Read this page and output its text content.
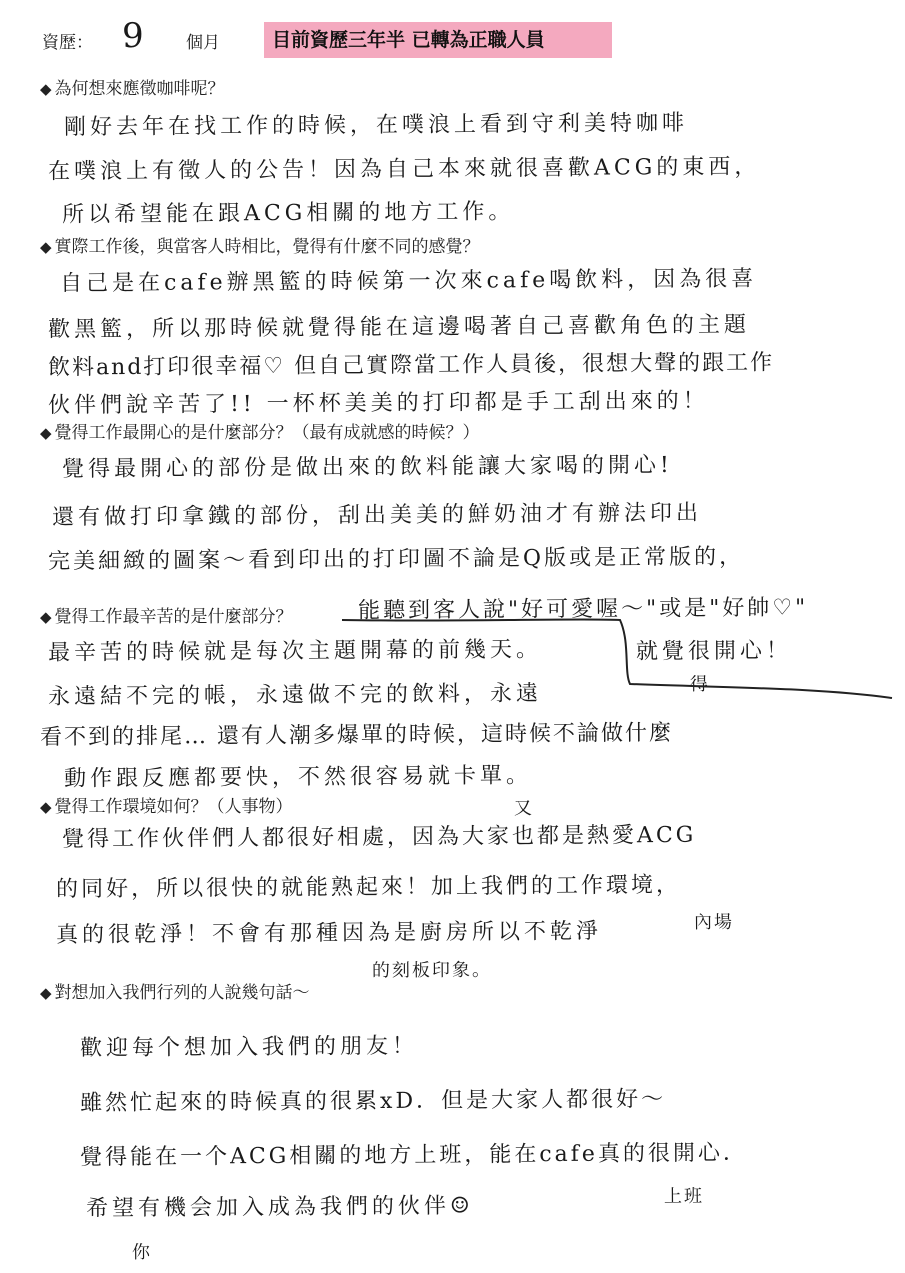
資歷： 9 個月	目前資歷三年半 已轉為正職人員
◆ 為何想來應徵咖啡呢？
剛好去年在找工作的時候，在噗浪上看到守利美特咖啡
在噗浪上有徵人的公告！因為自己本來就很喜歡ACG的東西，
所以希望能在跟ACG相關的地方工作。
◆ 實際工作後，與當客人時相比，覺得有什麼不同的感覺？
自己是在cafe辦黑籃的時候第一次來cafe喝飲料，因為很喜
歡黑籃，所以那時候就覺得能在這邊喝著自己喜歡角色的主題
飲料and打印很幸福♡ 但自己實際當工作人員後，很想大聲的跟工作
伙伴們說辛苦了!! 一杯杯美美的打印都是手工刮出來的！
◆ 覺得工作最開心的是什麼部分？（最有成就感的時候？）
覺得最開心的部份是做出來的飲料能讓大家喝的開心!
還有做打印拿鐵的部份，刮出美美的鮮奶油才有辦法印出
完美細緻的圖案～看到印出的打印圖不論是Q版或是正常版的，
能聽到客人說"好可愛喔～"或是"好帥♡"
就覺很開心！
得
◆ 覺得工作最辛苦的是什麼部分？
最辛苦的時候就是每次主題開幕的前幾天。
永遠結不完的帳，永遠做不完的飲料，永遠
看不到的排尾… 還有人潮多爆單的時候，這時候不論做什麼
動作跟反應都要快，不然很容易就卡單。
◆ 覺得工作環境如何？（人事物）	又
覺得工作伙伴們人都很好相處，因為大家也都是熱愛ACG
的同好，所以很快的就能熟起來！加上我們的工作環境，
真的很乾淨！不會有那種因為是廚房所以不乾淨	內場
的刻板印象。
◆ 對想加入我們行列的人說幾句話～
歡迎每个想加入我們的朋友！
雖然忙起來的時候真的很累xD．但是大家人都很好～
覺得能在一个ACG相關的地方上班，能在cafe真的很開心．
上班
希望有機会加入成為我們的伙伴☺
你
